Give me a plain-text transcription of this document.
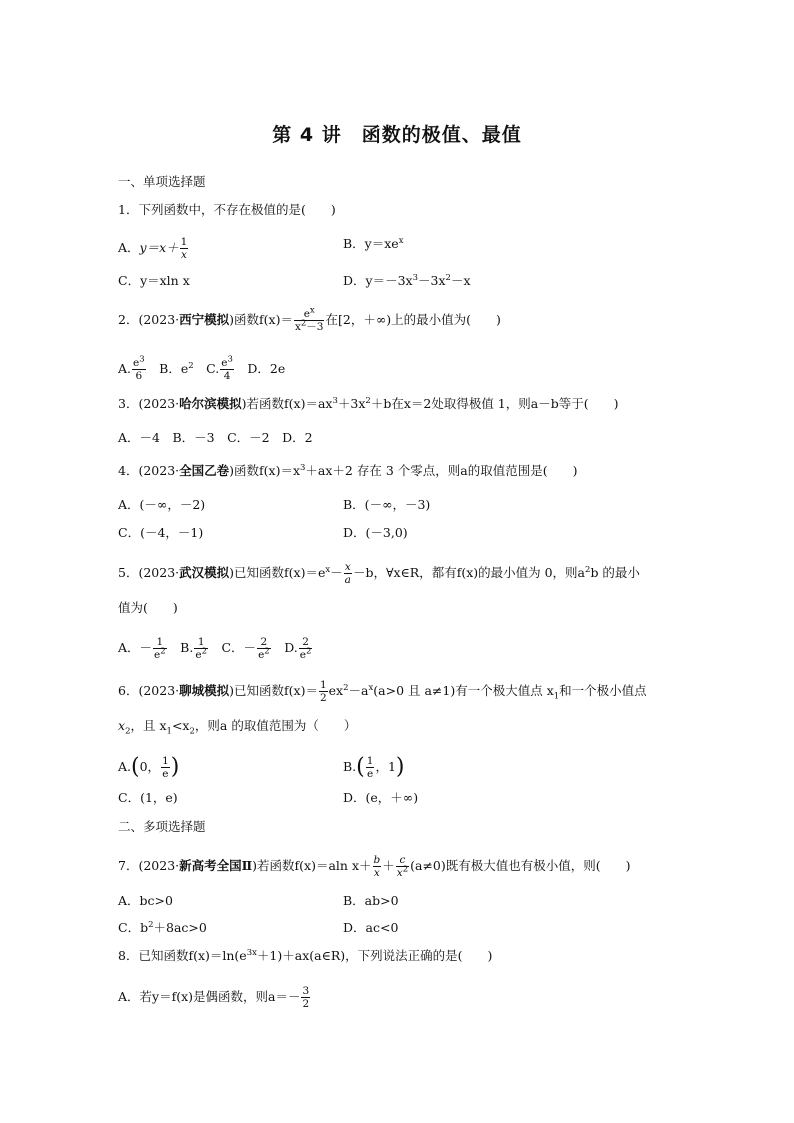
第 4 讲　函数的极值、最值
一、单项选择题
1．下列函数中，不存在极值的是(　　)
A．$y=x+ \frac{1}{x}$	B．$y=xe^x$
C．y＝xln x	D．$y=-3x^3-3x^2-x$
2．(2023·西宁模拟)函数$f(x)= \frac{e^x}{x^2-3}$ 在[2，＋∞)上的最小值为(　　)
A. $\frac{e^3}{6}$ 　B．$e^2$　C. $\frac{e^3}{4}$ 　D．2e
3．(2023·哈尔滨模拟)若函数$f(x)=ax^3+3x^2+b$在x＝2处取得极值 1，则a－b等于(　　)
A．－4　B．－3　C．－2　D．2
4．(2023·全国乙卷)函数$f(x)=x^3+ax+2$ 存在 3 个零点，则a的取值范围是(　　)
A．(－∞，－2)	B．(－∞，－3)
C．(－4，－1)	D．(－3,0)
5．(2023·武汉模拟)已知函数$f(x)=e^x- \frac{x}{a} -b$，∀x∈R，都有f(x)的最小值为 0，则$a^2b$ 的最小
值为(　　)
A．－ $\frac{1}{e^2}$ 　B. $\frac{1}{e^2}$ 　C．－ $\frac{2}{e^2}$ 　D. $\frac{2}{e^2}$
6．(2023·聊城模拟)已知函数$f(x)= \frac{1}{2} ex^2-a^x(a>0$ 且 a≠1)有一个极大值点 $x_1$和一个极小值点
$x_2$，且 $x_1<x_2$，则a 的取值范围为（　　）
A.(0， $\frac{1}{e}$ )	$B.( \frac{1}{e}$ ，1)
C．(1，e)	D．(e，＋∞)
二、多项选择题
7．(2023·新高考全国Ⅱ)若函数f(x)＝aln $x+ \frac{b}{x} + \frac{c}{x^2} (a\ne 0)$既有极大值也有极小值，则(　　)
A．bc>0	B．ab>0
C．$b^2+8ac>0$	D．ac<0
8．已知函数$f(x)=\ln(e^{3x}+1)+ax(a\in R)$，下列说法正确的是(　　)
A．若y＝f(x)是偶函数，则$a=- \frac{3}{2}$
